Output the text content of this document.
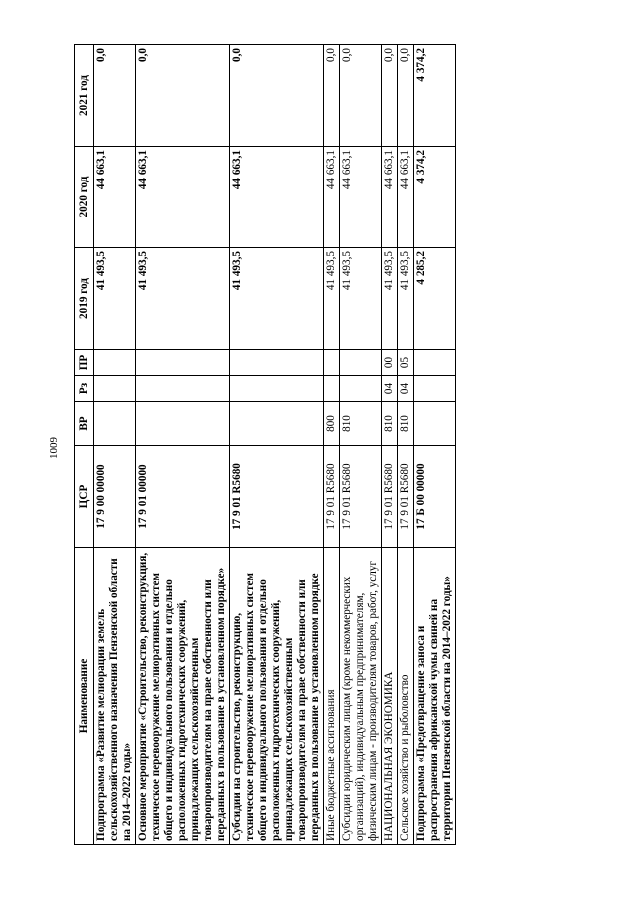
1009
Наименование	ЦСР	ВР	Рз	ПР	2019 год	2020 год	2021 год
Подпрограмма «Развитие мелиорации земель сельскохозяйственного назначения Пензенской области на 2014–2022 годы»	17 9 00 00000				41 493,5	44 663,1	0,0
Основное мероприятие «Строительство, реконструкция, техническое перевооружение мелиоративных систем общего и индивидуального пользования и отдельно расположенных гидротехнических сооружений, принадлежащих сельскохозяйственным товаропроизводителям на праве собственности или переданных в пользование в установленном порядке»	17 9 01 00000				41 493,5	44 663,1	0,0
Субсидии на строительство, реконструкцию, техническое перевооружение мелиоративных систем общего и индивидуального пользования и отдельно расположенных гидротехнических сооружений, принадлежащих сельскохозяйственным товаропроизводителям на праве собственности или переданных в пользование в установленном порядке	17 9 01 R5680				41 493,5	44 663,1	0,0
Иные бюджетные ассигнования	17 9 01 R5680	800			41 493,5	44 663,1	0,0
Субсидии юридическим лицам (кроме некоммерческих организаций), индивидуальным предпринимателям, физическим лицам - производителям товаров, работ, услуг	17 9 01 R5680	810			41 493,5	44 663,1	0,0
НАЦИОНАЛЬНАЯ ЭКОНОМИКА	17 9 01 R5680	810	04	00	41 493,5	44 663,1	0,0
Сельское хозяйство и рыболовство	17 9 01 R5680	810	04	05	41 493,5	44 663,1	0,0
Подпрограмма «Предотвращение заноса и распространения африканской чумы свиней на территории Пензенской области на 2014–2022 годы»	17 Б 00 00000				4 285,2	4 374,2	4 374,2
